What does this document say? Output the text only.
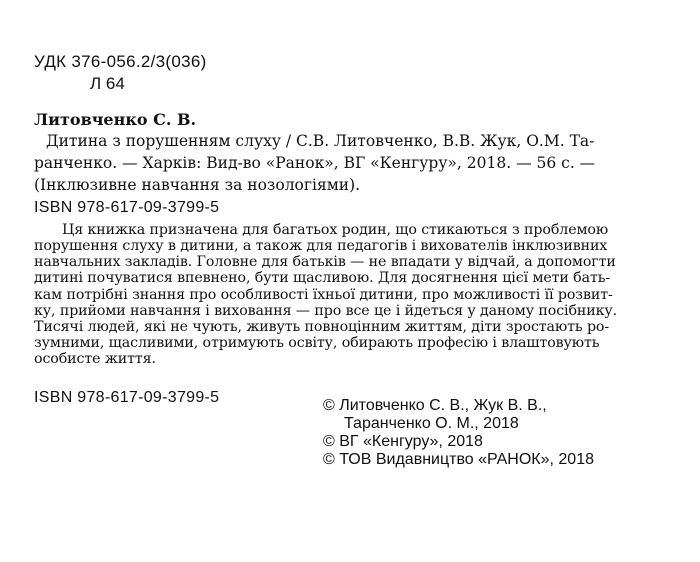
УДК 376-056.2/3(036)
Л 64
Литовченко С. В.
Дитина з порушенням слуху / С.В. Литовченко, В.В. Жук, О.М. Та-
ранченко. — Харків: Вид-во «Ранок», ВГ «Кенгуру», 2018. — 56 с. —
(Інклюзивне навчання за нозологіями).
ISBN 978-617-09-3799-5
Ця книжка призначена для багатьох родин, що стикаються з проблемою
порушення слуху в дитини, а також для педагогів і вихователів інклюзивних
навчальних закладів. Головне для батьків — не впадати у відчай, а допомогти
дитині почуватися впевнено, бути щасливою. Для досягнення цієї мети бать-
кам потрібні знання про особливості їхньої дитини, про можливості її розвит-
ку, прийоми навчання і виховання — про все це і йдеться у даному посібнику.
Тисячі людей, які не чують, живуть повноцінним життям, діти зростають ро-
зумними, щасливими, отримують освіту, обирають професію і влаштовують
особисте життя.
ISBN 978-617-09-3799-5	© Литовченко С. В., Жук В. В.,
Таранченко О. М., 2018
© ВГ «Кенгуру», 2018
© ТОВ Видавництво «РАНОК», 2018
